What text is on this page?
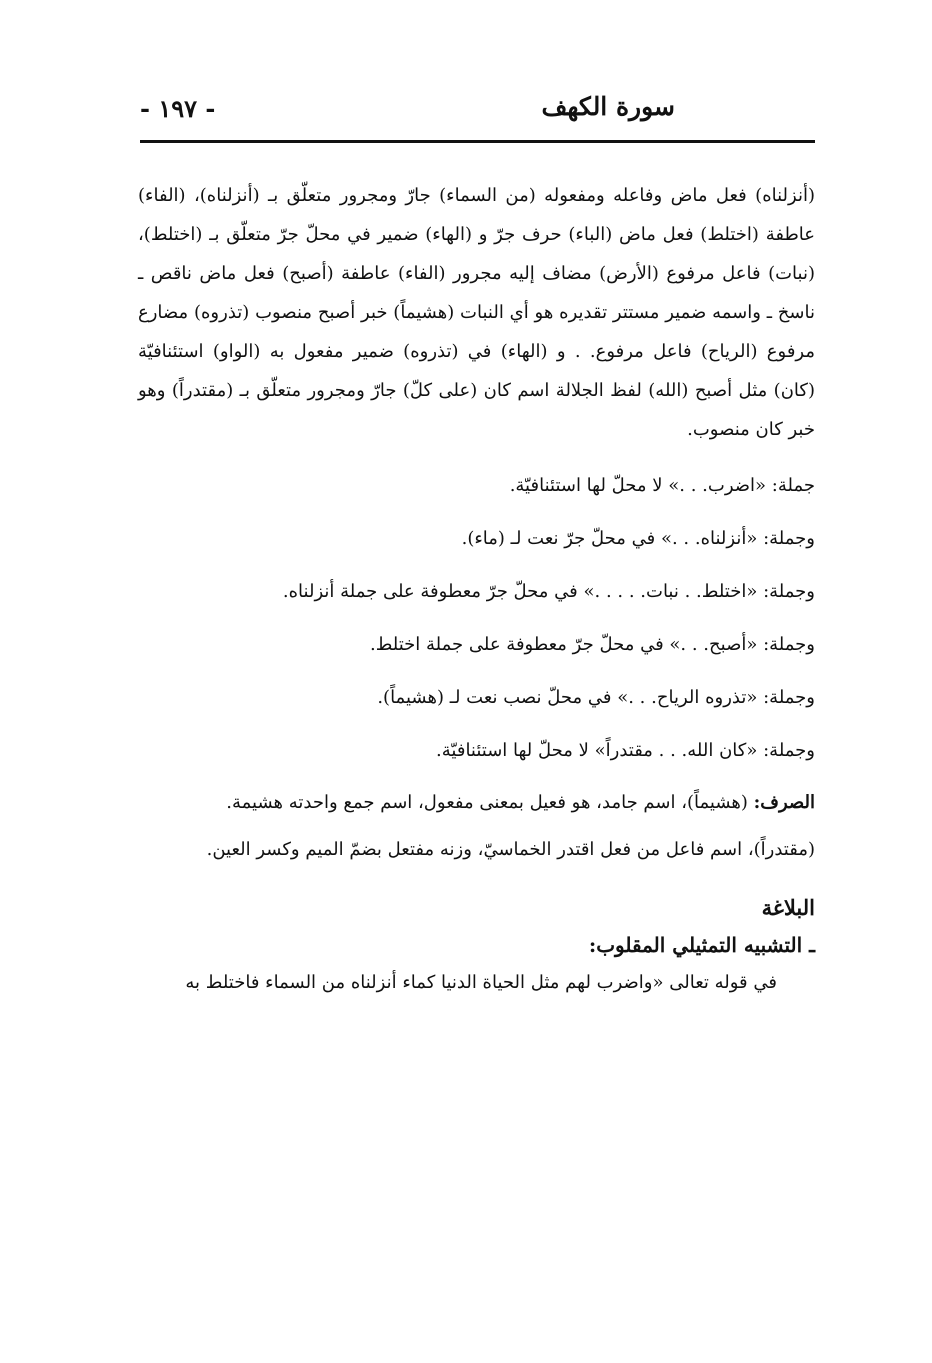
سورة الكهف
- ١٩٧ -

(أنزلناه) فعل ماض وفاعله ومفعوله (من السماء) جارّ ومجرور متعلّق بـ (أنزلناه)، (الفاء) عاطفة (اختلط) فعل ماض (الباء) حرف جرّ و (الهاء) ضمير في محلّ جرّ متعلّق بـ (اختلط)، (نبات) فاعل مرفوع (الأرض) مضاف إليه مجرور (الفاء) عاطفة (أصبح) فعل ماض ناقص ـ ناسخ ـ واسمه ضمير مستتر تقديره هو أي النبات (هشيماً) خبر أصبح منصوب (تذروه) مضارع مرفوع (الرياح) فاعل مرفوع. . و (الهاء) في (تذروه) ضمير مفعول به (الواو) استئنافيّة (كان) مثل أصبح (الله) لفظ الجلالة اسم كان (على كلّ) جارّ ومجرور متعلّق بـ (مقتدراً) وهو خبر كان منصوب.

جملة: «اضرب. . .» لا محلّ لها استئنافيّة.
وجملة: «أنزلناه. . .» في محلّ جرّ نعت لـ (ماء).
وجملة: «اختلط. . نبات. . . . .» في محلّ جرّ معطوفة على جملة أنزلناه.
وجملة: «أصبح. . .» في محلّ جرّ معطوفة على جملة اختلط.
وجملة: «تذروه الرياح. . .» في محلّ نصب نعت لـ (هشيماً).
وجملة: «كان الله. . . مقتدراً» لا محلّ لها استئنافيّة.

الصرف: (هشيماً)، اسم جامد، هو فعيل بمعنى مفعول، اسم جمع واحدته هشيمة.

(مقتدراً)، اسم فاعل من فعل اقتدر الخماسيّ، وزنه مفتعل بضمّ الميم وكسر العين.

البلاغة
ـ التشبيه التمثيلي المقلوب:

في قوله تعالى «واضرب لهم مثل الحياة الدنيا كماء أنزلناه من السماء فاختلط به
